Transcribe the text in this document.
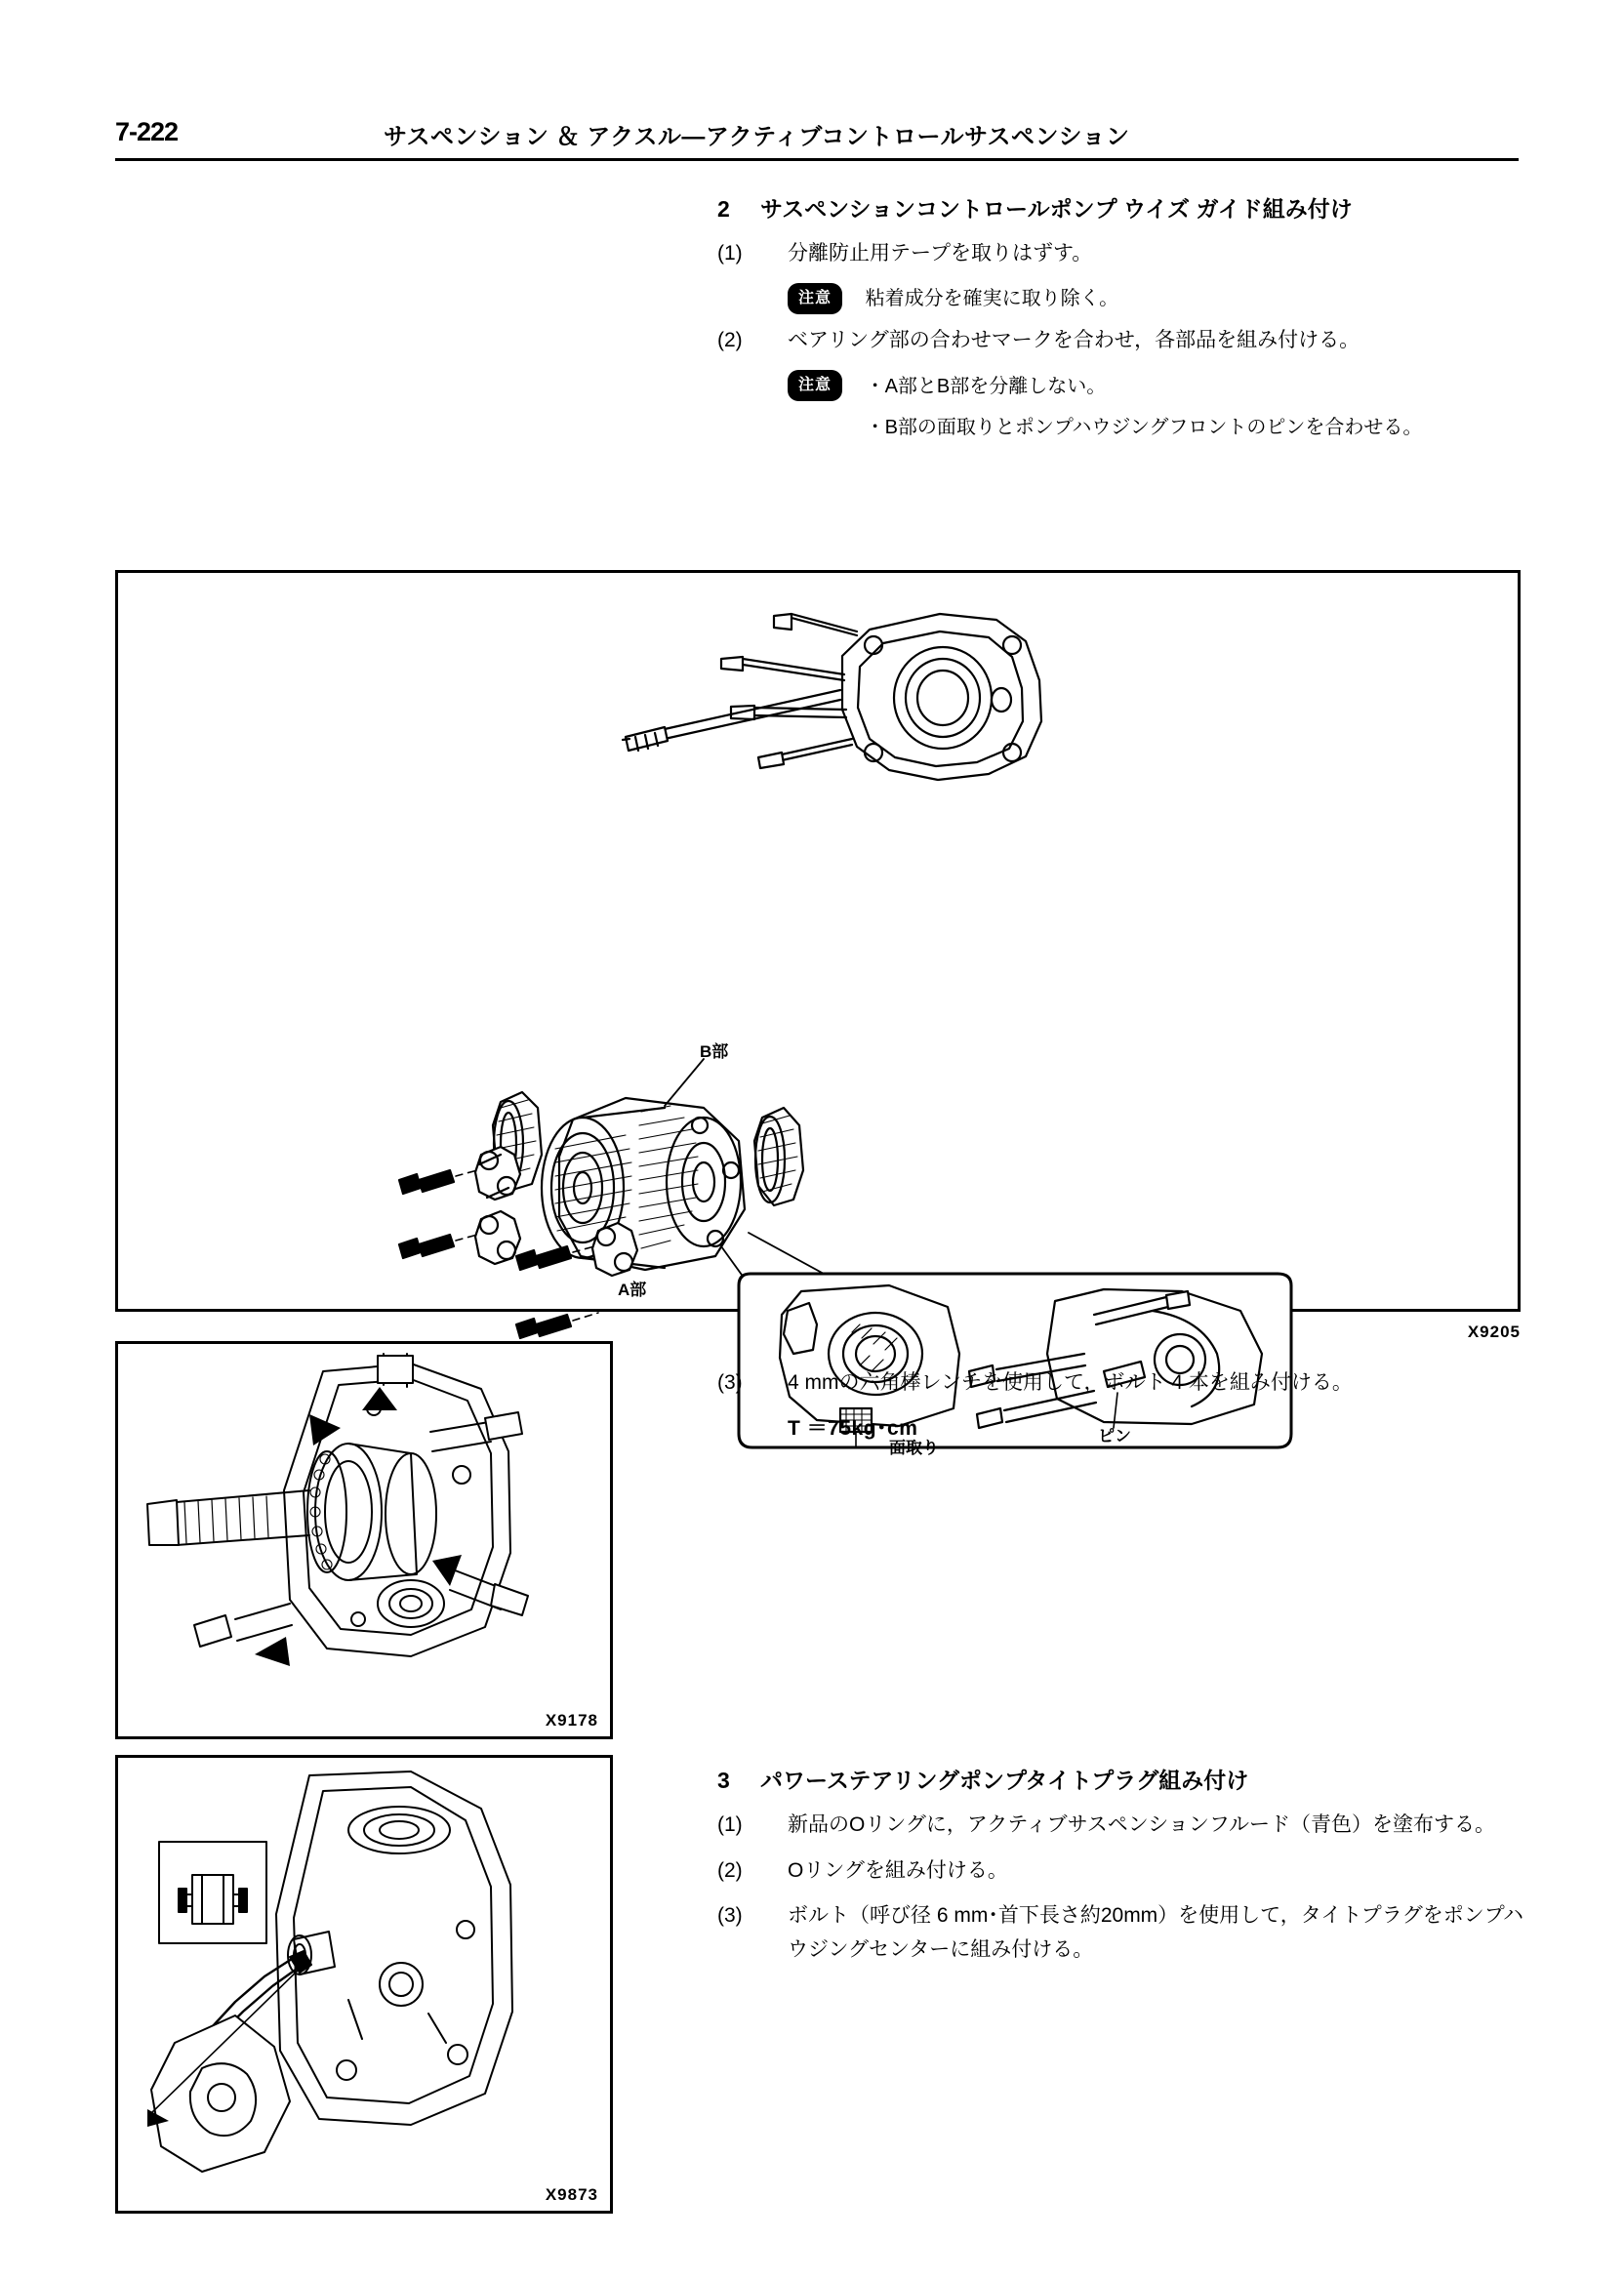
7-222	サスペンション ＆ アクスル―アクティブコントロールサスペンション
2 サスペンションコントロールポンプ ウイズ ガイド組み付け
(1)	分離防止用テープを取りはずす。
注意 粘着成分を確実に取り除く。
(2)	ベアリング部の合わせマークを合わせ，各部品を組み付ける。
注意 ・A部とB部を分離しない。
・B部の面取りとポンプハウジングフロントのピンを合わせる。
B部
A部
面取り
ピン
X9205
(3)	4 mmの六角棒レンチを使用して，ボルト 4 本を組み付ける。
T ＝75kg･cm
X9178
3 パワーステアリングポンプタイトプラグ組み付け
(1)	新品のOリングに，アクティブサスペンションフルード（青色）を塗布する。
(2)	Oリングを組み付ける。
(3)	ボルト（呼び径 6 mm･首下長さ約20mm）を使用して，タイトプラグをポンプハウジングセンターに組み付ける。
X9873
